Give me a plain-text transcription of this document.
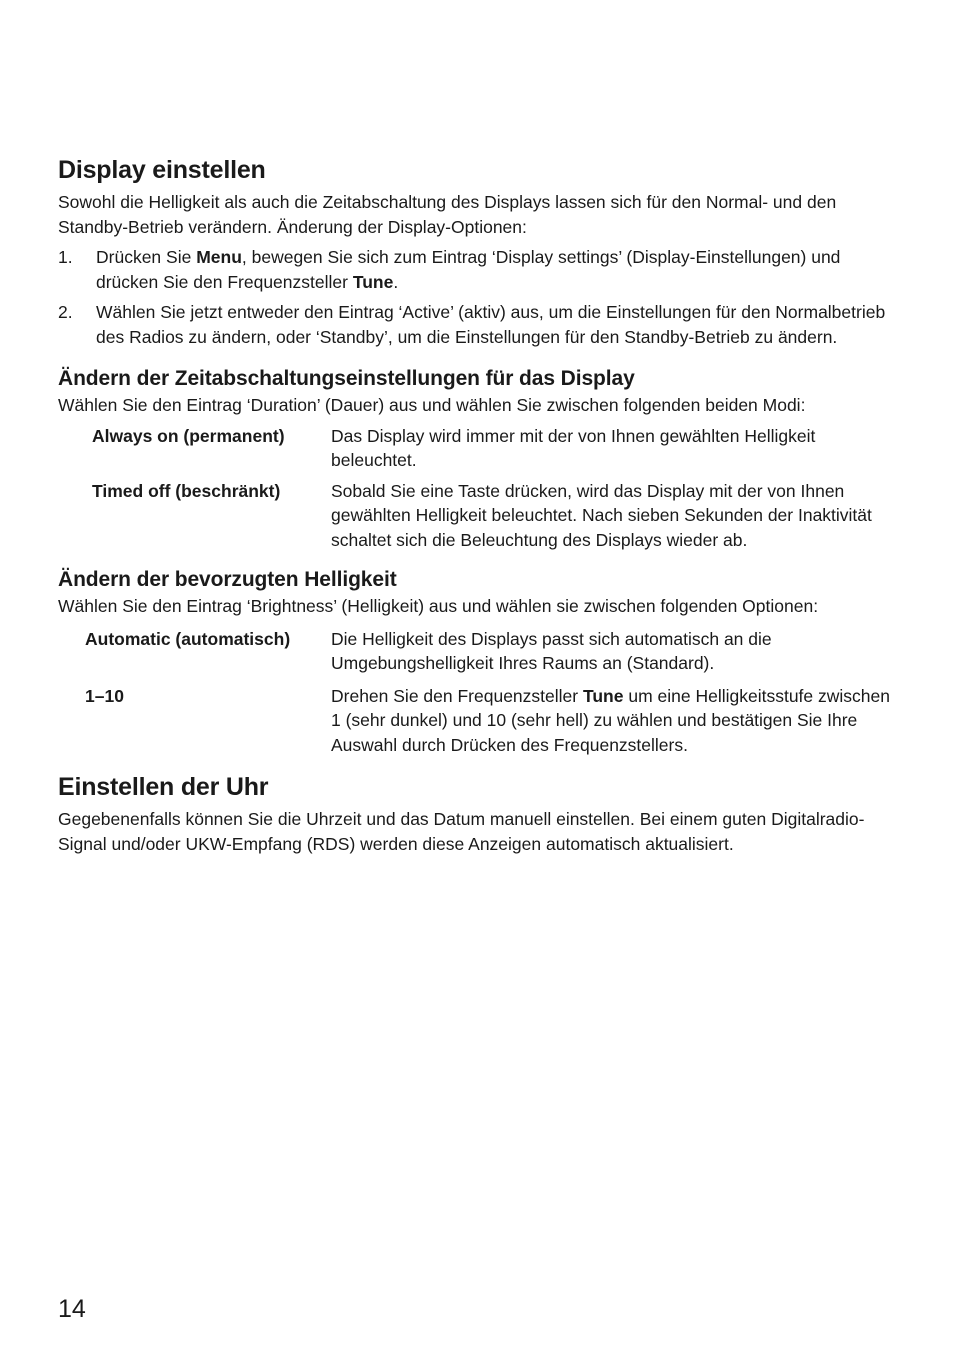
Display einstellen

Sowohl die Helligkeit als auch die Zeitabschaltung des Displays lassen sich für den Normal- und den Standby-Betrieb verändern. Änderung der Display-Optionen:

1.	Drücken Sie Menu, bewegen Sie sich zum Eintrag ‘Display settings’ (Display-Einstellungen) und drücken Sie den Frequenzsteller Tune.
2.	Wählen Sie jetzt entweder den Eintrag ‘Active’ (aktiv) aus, um die Einstellungen für den Normalbetrieb des Radios zu ändern, oder ‘Standby’, um die Einstellungen für den Standby-Betrieb zu ändern.
Ändern der Zeitabschaltungseinstellungen für das Display

Wählen Sie den Eintrag ‘Duration’ (Dauer) aus und wählen Sie zwischen folgenden beiden Modi:

Always on (permanent)	Das Display wird immer mit der von Ihnen gewählten Helligkeit beleuchtet.
Timed off (beschränkt)	Sobald Sie eine Taste drücken, wird das Display mit der von Ihnen gewählten Helligkeit beleuchtet. Nach sieben Sekunden der Inaktivität schaltet sich die Beleuchtung des Displays wieder ab.
Ändern der bevorzugten Helligkeit

Wählen Sie den Eintrag ‘Brightness’ (Helligkeit) aus und wählen sie zwischen folgenden Optionen:

Automatic (automatisch)	Die Helligkeit des Displays passt sich automatisch an die Umgebungshelligkeit Ihres Raums an (Standard).
1–10	Drehen Sie den Frequenzsteller Tune um eine Helligkeitsstufe zwischen 1 (sehr dunkel) und 10 (sehr hell) zu wählen und bestätigen Sie Ihre Auswahl durch Drücken des Frequenzstellers.
Einstellen der Uhr

Gegebenenfalls können Sie die Uhrzeit und das Datum manuell einstellen. Bei einem guten Digitalradio-Signal und/oder UKW-Empfang (RDS) werden diese Anzeigen automatisch aktualisiert.

14
